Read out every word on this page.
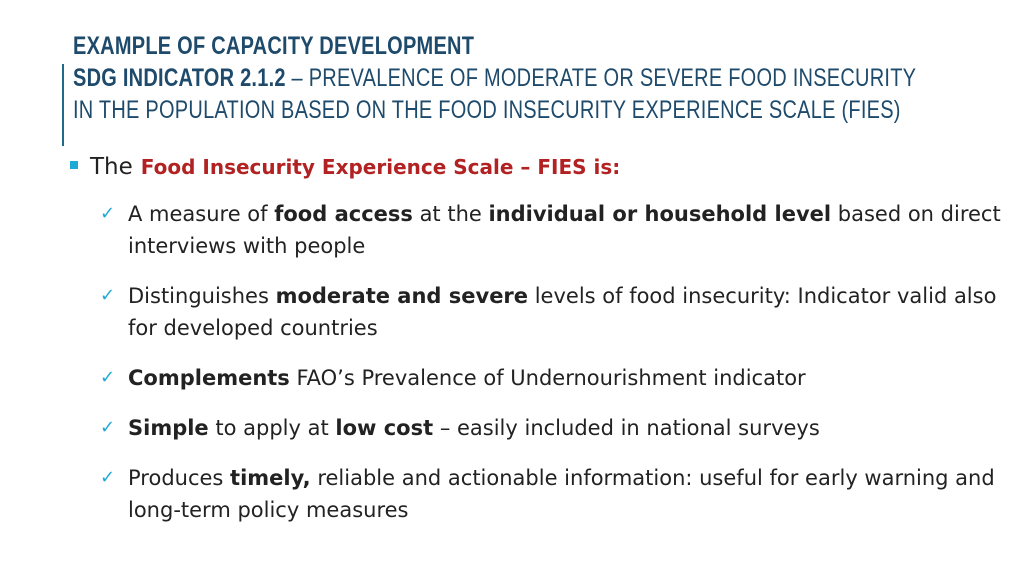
EXAMPLE OF CAPACITY DEVELOPMENT
SDG INDICATOR 2.1.2 – PREVALENCE OF MODERATE OR SEVERE FOOD INSECURITY
IN THE POPULATION BASED ON THE FOOD INSECURITY EXPERIENCE SCALE (FIES)
The Food Insecurity Experience Scale – FIES is:
✓ A measure of food access at the individual or household level based on direct interviews with people
✓ Distinguishes moderate and severe levels of food insecurity: Indicator valid also for developed countries
✓ Complements FAO’s Prevalence of Undernourishment indicator
✓ Simple to apply at low cost – easily included in national surveys
✓ Produces timely, reliable and actionable information: useful for early warning and long-term policy measures
